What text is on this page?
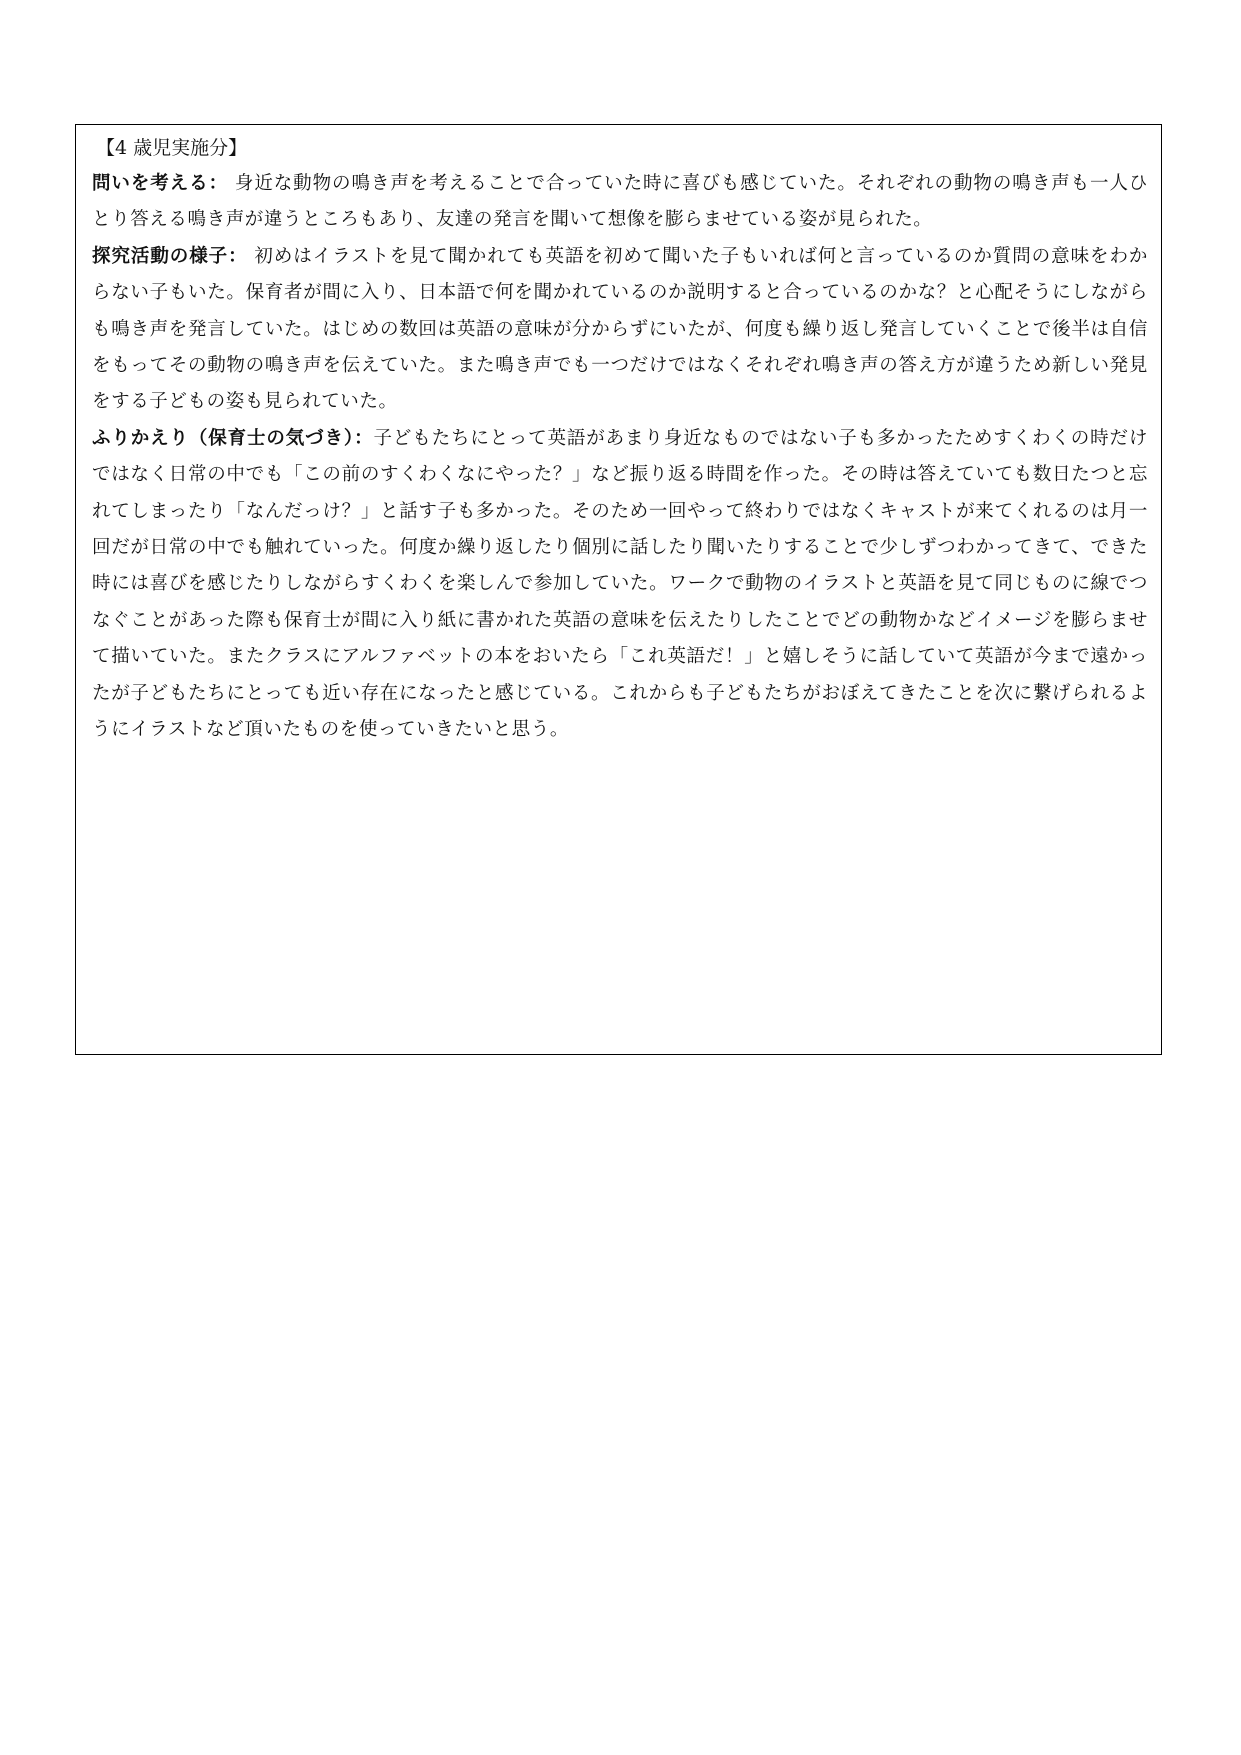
【4 歳児実施分】

問いを考える： 身近な動物の鳴き声を考えることで合っていた時に喜びも感じていた。それぞれの動物の鳴き声も一人ひとり答える鳴き声が違うところもあり、友達の発言を聞いて想像を膨らませている姿が見られた。

探究活動の様子： 初めはイラストを見て聞かれても英語を初めて聞いた子もいれば何と言っているのか質問の意味をわからない子もいた。保育者が間に入り、日本語で何を聞かれているのか説明すると合っているのかな？と心配そうにしながらも鳴き声を発言していた。はじめの数回は英語の意味が分からずにいたが、何度も繰り返し発言していくことで後半は自信をもってその動物の鳴き声を伝えていた。また鳴き声でも一つだけではなくそれぞれ鳴き声の答え方が違うため新しい発見をする子どもの姿も見られていた。

ふりかえり（保育士の気づき）：子どもたちにとって英語があまり身近なものではない子も多かったためすくわくの時だけではなく日常の中でも「この前のすくわくなにやった？」など振り返る時間を作った。その時は答えていても数日たつと忘れてしまったり「なんだっけ？」と話す子も多かった。そのため一回やって終わりではなくキャストが来てくれるのは月一回だが日常の中でも触れていった。何度か繰り返したり個別に話したり聞いたりすることで少しずつわかってきて、できた時には喜びを感じたりしながらすくわくを楽しんで参加していた。ワークで動物のイラストと英語を見て同じものに線でつなぐことがあった際も保育士が間に入り紙に書かれた英語の意味を伝えたりしたことでどの動物かなどイメージを膨らませて描いていた。またクラスにアルファベットの本をおいたら「これ英語だ！」と嬉しそうに話していて英語が今まで遠かったが子どもたちにとっても近い存在になったと感じている。これからも子どもたちがおぼえてきたことを次に繋げられるようにイラストなど頂いたものを使っていきたいと思う。
